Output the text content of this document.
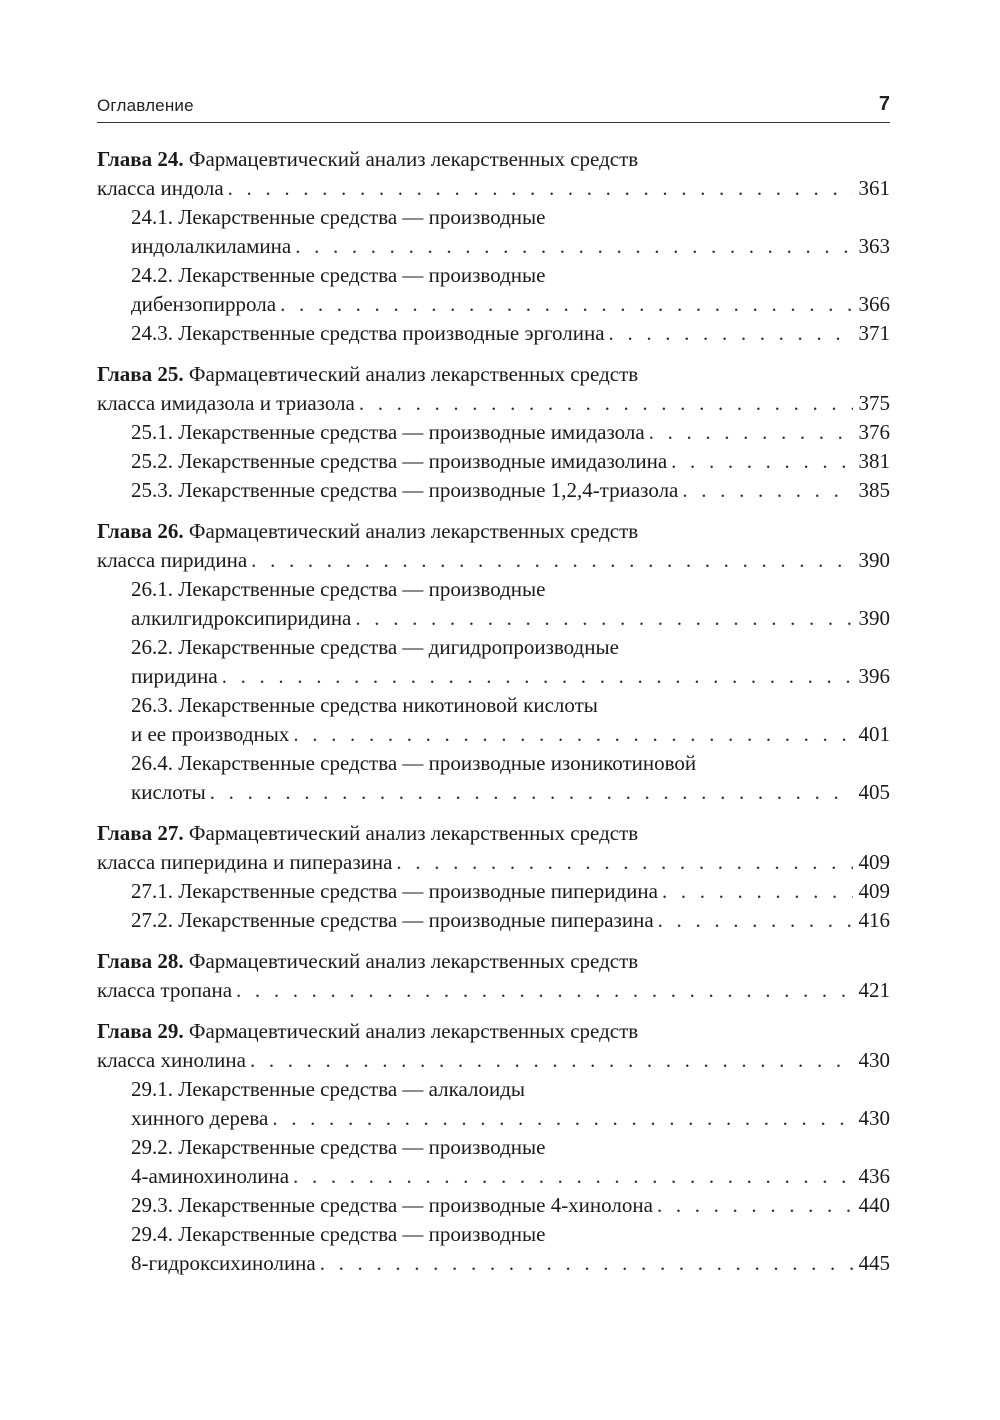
Оглавление	7
Глава 24. Фармацевтический анализ лекарственных средств
класса индола . . .	361
24.1. Лекарственные средства — производные
индолалкиламина . . .	363
24.2. Лекарственные средства — производные
дибензопиррола . . .	366
24.3. Лекарственные средства производные эрголина . . .	371
Глава 25. Фармацевтический анализ лекарственных средств
класса имидазола и триазола . . .	375
25.1. Лекарственные средства — производные имидазола . . .	376
25.2. Лекарственные средства — производные имидазолина . . .	381
25.3. Лекарственные средства — производные 1,2,4-триазола . . .	385
Глава 26. Фармацевтический анализ лекарственных средств
класса пиридина . . .	390
26.1. Лекарственные средства — производные
алкилгидроксипиридина . . .	390
26.2. Лекарственные средства — дигидропроизводные
пиридина . . .	396
26.3. Лекарственные средства никотиновой кислоты
и ее производных . . .	401
26.4. Лекарственные средства — производные изоникотиновой
кислоты . . .	405
Глава 27. Фармацевтический анализ лекарственных средств
класса пиперидина и пиперазина . . .	409
27.1. Лекарственные средства — производные пиперидина . . .	409
27.2. Лекарственные средства — производные пиперазина . . .	416
Глава 28. Фармацевтический анализ лекарственных средств
класса тропана . . .	421
Глава 29. Фармацевтический анализ лекарственных средств
класса хинолина . . .	430
29.1. Лекарственные средства — алкалоиды
хинного дерева . . .	430
29.2. Лекарственные средства — производные
4-аминохинолина . . .	436
29.3. Лекарственные средства — производные 4-хинолона . . .	440
29.4. Лекарственные средства — производные
8-гидроксихинолина . . .	445
